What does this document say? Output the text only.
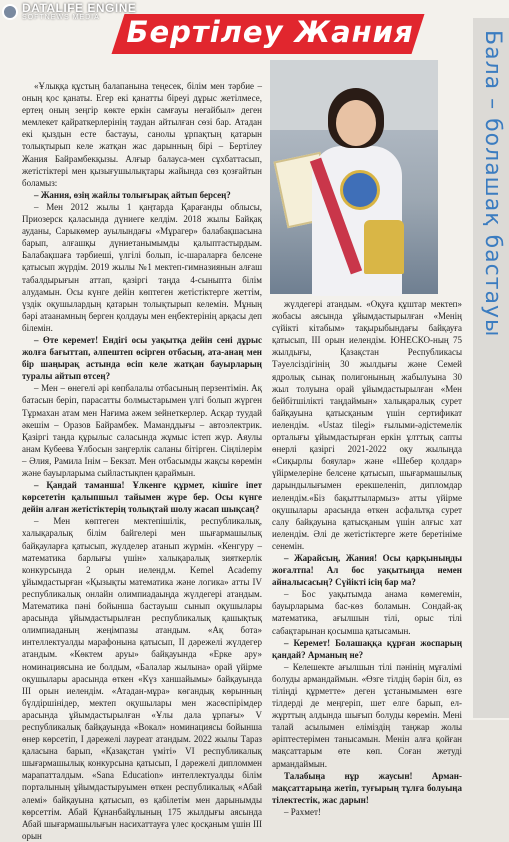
DATALIFE ENGINE
SOFTNEWS MEDIA Бертілеу Жания	Бала – болашақ бастауы

«Ұлыққа құстың балапанына теңесек, білім мен тәрбие – оның қос қанаты. Егер екі қанатты біреуі дұрыс жетілмесе, ертең оның зеңгір көкте еркін самғауы неғайбыл» деген мемлекет қайраткерлерінің таудан айтылған сөзі бар. Атадан екі қыздын есте бастауы, санолы ұрпақтың қатарын толықтырып келе жатқан жас дарынның бірі – Бертілеу Жания Байрамбекқызы. Алғыр балауса-мен сұхбаттасып, жетістіктері мен қызығушылықтары жайында сөз қозғайтын боламыз:

– Жания, өзің жайлы толығырақ айтып берсең?

– Мен 2012 жылы 1 қаңтарда Қарағанды облысы, Приозерск қаласында дүниеге келдім. 2018 жылы Байқақ ауданы, Сарыкөмер ауылындағы «Мұрагер» балабақшасына барып, алғашқы дүниетанымымды қалыптастырдым. Балабақшаға тәрбиеші, үлгілі болып, іс-шараларға белсене қатысып жүрдім. 2019 жылы №1 мектеп-гимназиянын алғаш табалдырығын аттап, қазіргі таңда 4-сыныпта білім алудамын. Осы күнге дейін көптеген жетістіктерге жеттім, үздік оқушылардың қатарын толықтырып келемін. Мұның бәрі атаанамның берген қолдауы мен еңбектерінің арқасы деп білемін.

– Өте керемет! Ендігі осы уақытқа дейін сені дұрыс жолға бағыттап, әлпештеп өсірген отбасың, ата-анаң мен бір шаңырақ астында өсіп келе жатқан бауырларың туралы айтып өтсең?

– Мен – өнегелі әрі көпбалалы отбасының перзентімін. Ақ батасын беріп, парасатты болмыстарымен үлгі болып жүрген Тұрмахан атам мен Нағима әжем зейнеткерлер. Асқар туудай әкешім – Оразов Байрамбек. Маманддығы – автоэлектрик. Қазіргі таңда құрылыс саласында жұмыс істеп жүр. Аяулы анам Кубеева Ұлбосын заңгерлік саланы бітірген. Сіңлілерім – Әлия, Рамила Інім – Бекзат. Мен отбасымды жақсы көремін және бауырларыма сыйластықпен қараймын.

– Қандай таманша! Ұлкенге құрмет, кішіге іпет көрсететін қалыпшыл тайымен жүре бер. Осы күнге дейін алған жетістіктерің толықтай шолу жасап шықсаң?

– Мен көптеген мектепішілік, республикалық, халықаралық білім байгелері мен шығармашылық байқауларға қатысып, жүлделер атанып жүрмін. «Кенгуру – математика барлығы үшін» халықаралық зияткерлік конкурсында 2 орын иеленд,м. Kemel Academy ұйымдастырған «Қызықты математика және логика» атты IV республикалық онлайн олимпиадаыңда жүлдегері атандым. Математика пәні бойынша бастауыш сынып оқушылары арасында ұйымдастырылған республикалық қашықтық олимпиаданың жеңімпазы атандым. «Ақ бота» интеллектуалды марафонына қатысып, II дәрежелі жүлдегер атандым. «Көктем аруы» байқауында «Ерке ару» номинациясына ие болдым, «Балалар жылына» орай үйірме оқушылары арасында өткен «Күз ханшайымы» байқауында III орын иелендім. «Атадан-мұра» көгандық көрынның бүлдіршінідер, мектеп оқушылары мен жасөспірімдер арасында ұйымдастырылған «Ұлы дала ұрпағы» V республикалық байқауында «Вокал» номинациясы бойынша өнер көрсетіп, I дәрежелі лауреат атандым. 2022 жылы Тараз қаласына барып, «Қазақстан үміті» VI республикалық шығармашылық конкурсына қатысып, I дәрежелі дипломмен марапатталдым. «Sana Education» интеллектуалды білім порталының ұйымдастыруымен өткен республикалық «Абай әлемі» байқауына қатысып, өз қабілетім мен дарынымды көрсеттім. Абай Құнанбайұлының 175 жылдығы аясында Абай шығармашылығын насихаттауға үлес қосқаным үшін III орын

жүлдегері атандым. «Оқуға құштар мектеп» жобасы аясында ұйымдастырылған «Менің сүйікті кітабым» тақырыбындағы байқауға қатысып, III орын иелендім. ЮНЕСКО-ның 75 жылдығы, Қазақстан Республикасы Тәуелсіздігінің 30 жылдығы және Семей ядролық сынақ полигонының жабылуына 30 жыл толуына орай ұйымдастырылған «Мен бейбітшілікті таңдаймын» халықаралық сурет байқауына қатысқаным үшін сертификат иелендім. «Ustaz tilegi» ғылыми-әдістемелік орталығы ұйымдастырған еркін ұлттық сапты өнерлі қазіргі 2021-2022 оқу жылыңда «Сиқырлы бояулар» және «Шебер қолдар» үйірмелеріне белсене қатысып, шығармашылық дарындылығымен ерекшеленіп, дипломдар иелендім.«Біз бақыттылармыз» атты үйірме оқушылары арасында өткен асфальтқа сурет салу байқауына қатысқаным үшін алғыс хат иелендім. Әлі де жетістіктерге жете беретініме сенемін.

– Жарайсың, Жания! Осы қарқыныңды жоғалтпа! Ал бос уақытыңда немен айналысасың? Сүйікті ісің бар ма?

– Бос уақытымда анама көмегемін, бауырларыма бас-көз боламын. Сондай-ақ математика, ағылшын тілі, орыс тілі сабақтарынан қосымша қатысамын.

– Керемет! Болашаққа құрған жоспарың қандай? Арманың не?

– Келешекте ағылшын тілі пәнінің мұғалімі болуды армандаймын. «Өзге тілдің бәрін біл, өз тіліңді құрметте» деген ұстанымымен өзге тілдерді де меңгеріп, шет елге барып, ел-жұрттың алдында шығып болуды көремін. Мені талай асылымен еліміздің таңжар жолы әріптестерімен танысамын. Менін алға қойған мақсаттарым өте көп. Соған жетуді армандаймын.

Талабыңа нұр жаусын! Арман-мақсаттарыңа жетіп, туғырың тұлға болуыңа тілектестік, жас дарын!

– Рахмет!
